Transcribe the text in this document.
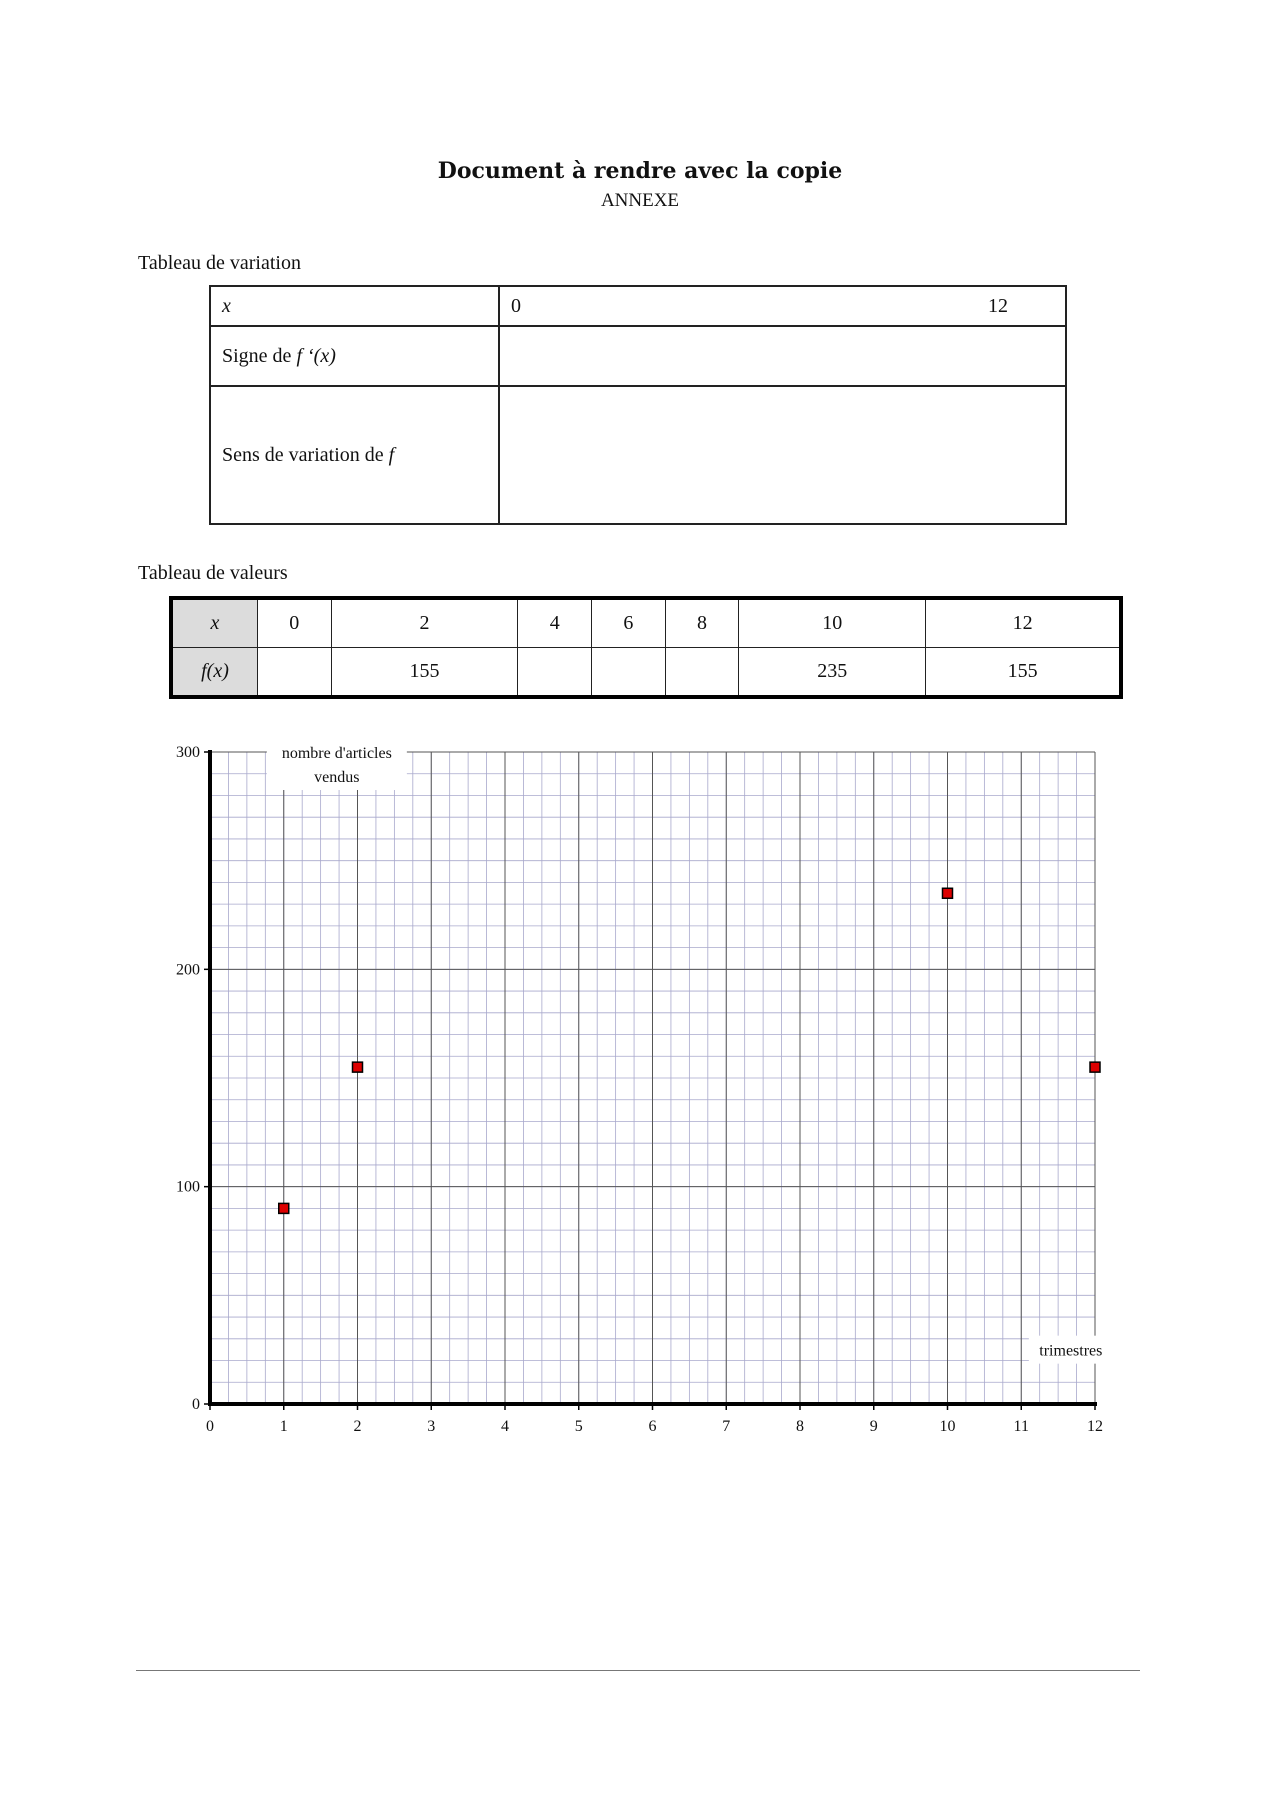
Document à rendre avec la copie
ANNEXE
Tableau de variation
x	0 12

Signe de f ‘(x)	
Sens de variation de f	
Tableau de valeurs
x	0	2	4	6	8	10	12
f(x)		155				235	155
0	1	2	3	4	5	6	7	8	9	10	11	12
0
100
200
300	nombre d'articles
vendus
trimestres
